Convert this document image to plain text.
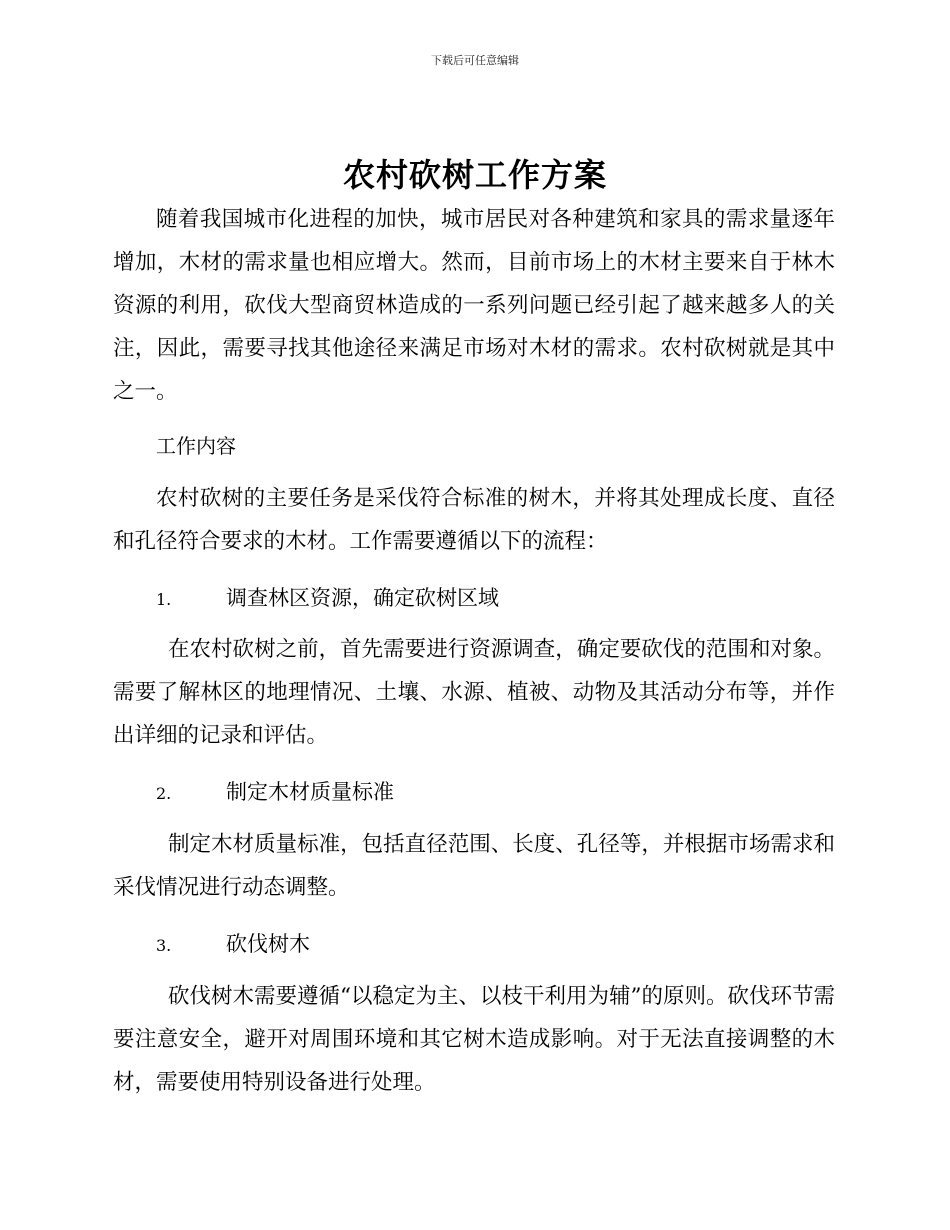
下载后可任意编辑
农村砍树工作方案

随着我国城市化进程的加快，城市居民对各种建筑和家具的需求量逐年增加，木材的需求量也相应增大。然而，目前市场上的木材主要来自于林木资源的利用，砍伐大型商贸林造成的一系列问题已经引起了越来越多人的关注，因此，需要寻找其他途径来满足市场对木材的需求。农村砍树就是其中之一。

工作内容

农村砍树的主要任务是采伐符合标准的树木，并将其处理成长度、直径和孔径符合要求的木材。工作需要遵循以下的流程：

1.	调查林区资源，确定砍树区域

在农村砍树之前，首先需要进行资源调查，确定要砍伐的范围和对象。需要了解林区的地理情况、土壤、水源、植被、动物及其活动分布等，并作出详细的记录和评估。

2.	制定木材质量标准

制定木材质量标准，包括直径范围、长度、孔径等，并根据市场需求和采伐情况进行动态调整。

3.	砍伐树木

砍伐树木需要遵循“以稳定为主、以枝干利用为辅”的原则。砍伐环节需要注意安全，避开对周围环境和其它树木造成影响。对于无法直接调整的木材，需要使用特别设备进行处理。
